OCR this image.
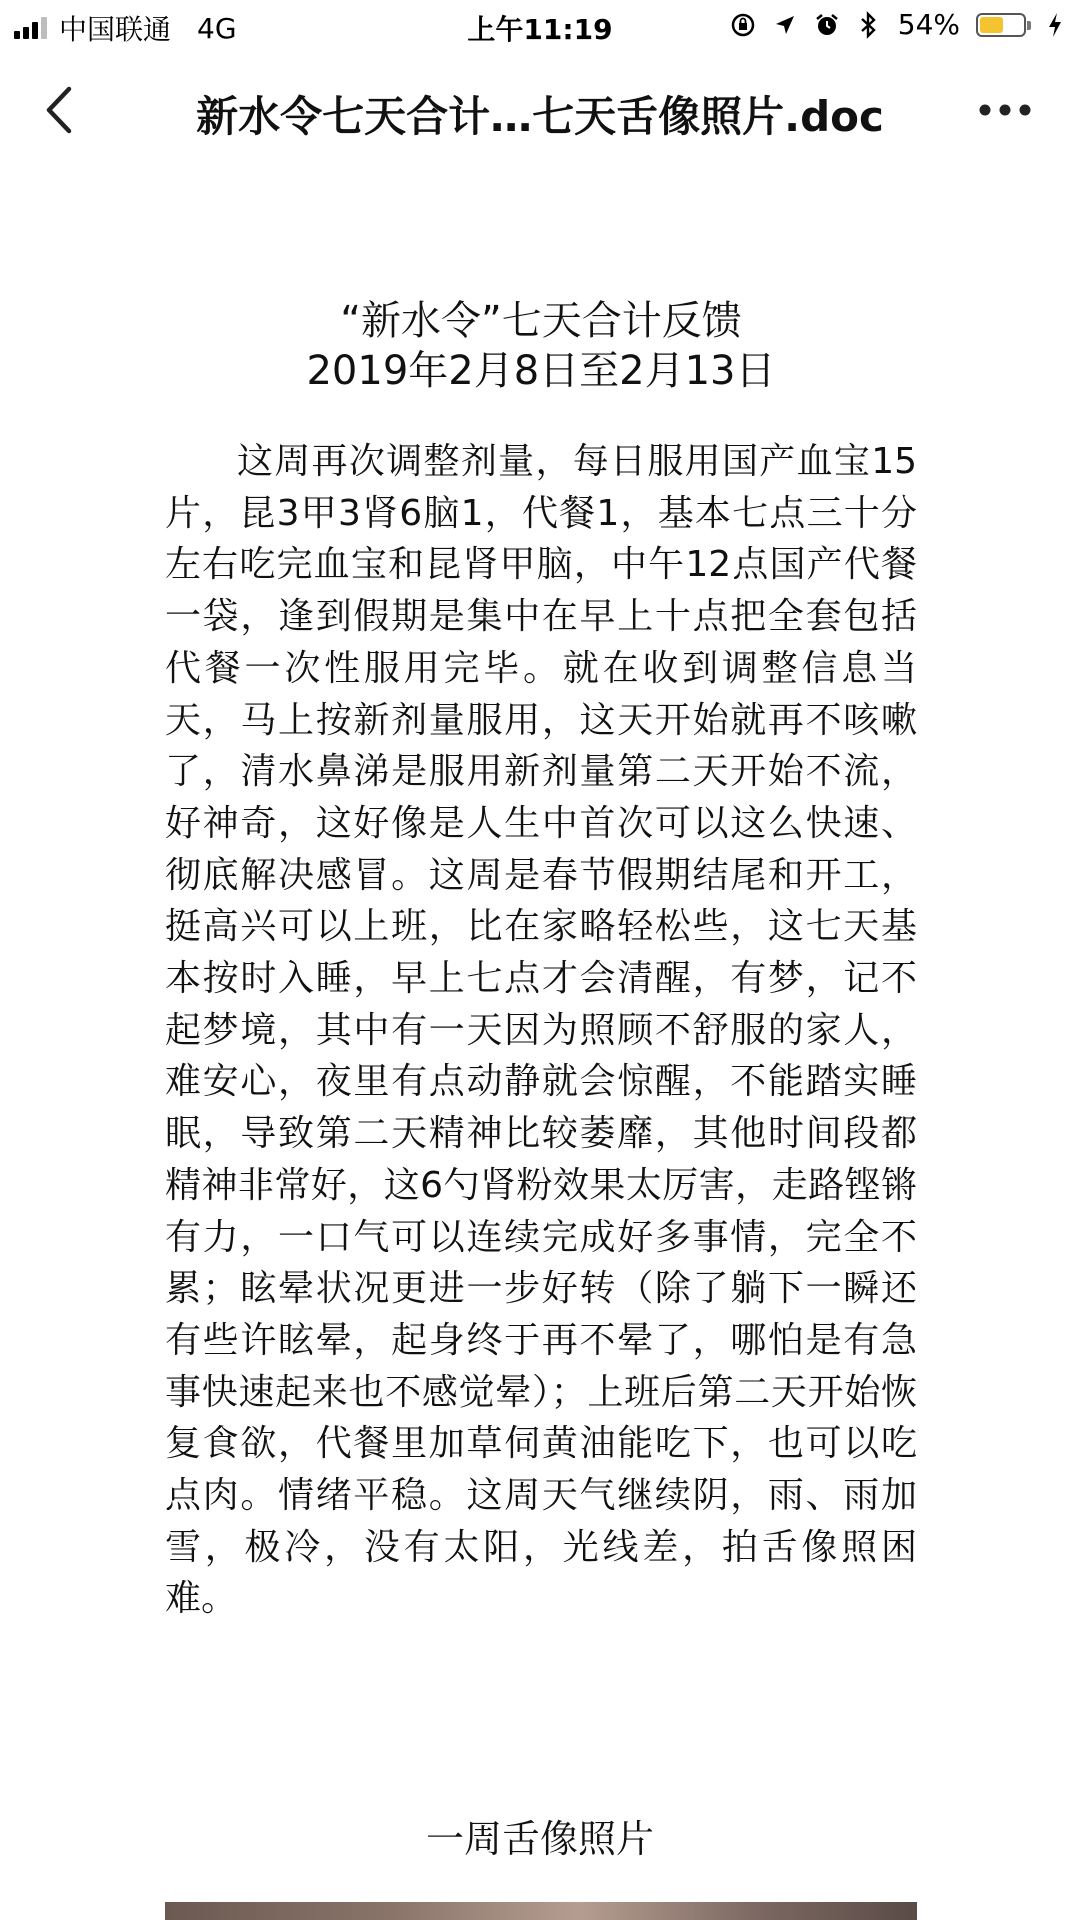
中国联通 4G	上午11:19	54%
新水令七天合计…七天舌像照片.doc
“新水令”七天合计反馈
2019年2月8日至2月13日

这周再次调整剂量，每日服用国产血宝15片，昆3甲3肾6脑1，代餐1，基本七点三十分左右吃完血宝和昆肾甲脑，中午12点国产代餐一袋，逢到假期是集中在早上十点把全套包括代餐一次性服用完毕。就在收到调整信息当天，马上按新剂量服用，这天开始就再不咳嗽了，清水鼻涕是服用新剂量第二天开始不流，好神奇，这好像是人生中首次可以这么快速、彻底解决感冒。这周是春节假期结尾和开工，挺高兴可以上班，比在家略轻松些，这七天基本按时入睡，早上七点才会清醒，有梦，记不起梦境，其中有一天因为照顾不舒服的家人，难安心，夜里有点动静就会惊醒，不能踏实睡眠，导致第二天精神比较萎靡，其他时间段都精神非常好，这6勺肾粉效果太厉害，走路铿锵有力，一口气可以连续完成好多事情，完全不累；眩晕状况更进一步好转（除了躺下一瞬还有些许眩晕，起身终于再不晕了，哪怕是有急事快速起来也不感觉晕）；上班后第二天开始恢复食欲，代餐里加草伺黄油能吃下，也可以吃点肉。情绪平稳。这周天气继续阴，雨、雨加雪，极冷，没有太阳，光线差，拍舌像照困难。

一周舌像照片
